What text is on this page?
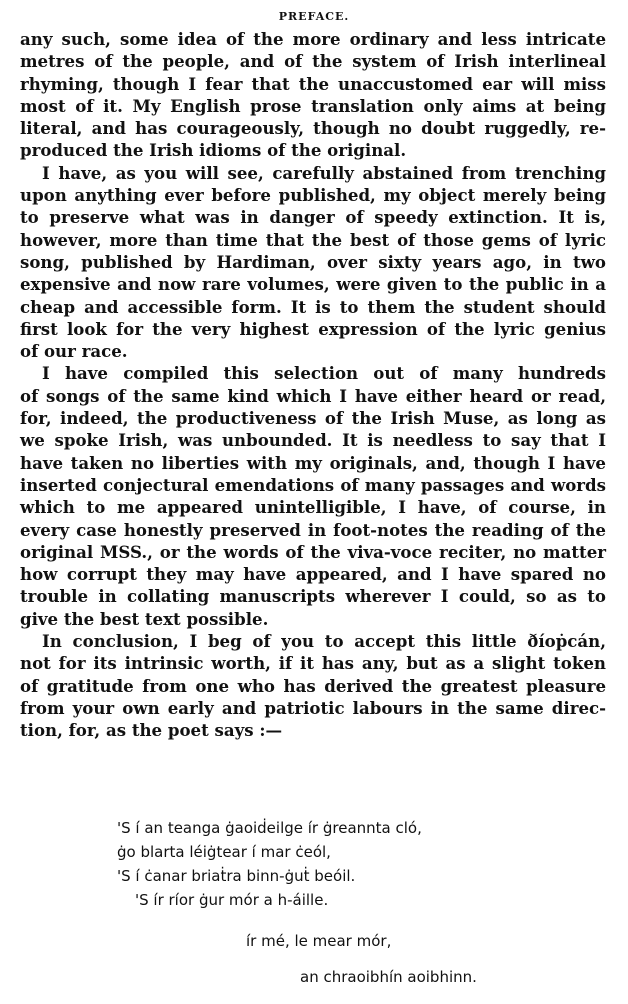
PREFACE.
any such, some idea of the more ordinary and less intricate
metres of the people, and of the system of Irish interlineal
rhyming, though I fear that the unaccustomed ear will miss
most of it. My English prose translation only aims at being
literal, and has courageously, though no doubt ruggedly, re-
produced the Irish idioms of the original.
I have, as you will see, carefully abstained from trenching
upon anything ever before published, my object merely being
to preserve what was in danger of speedy extinction. It is,
however, more than time that the best of those gems of lyric
song, published by Hardiman, over sixty years ago, in two
expensive and now rare volumes, were given to the public in a
cheap and accessible form. It is to them the student should
first look for the very highest expression of the lyric genius
of our race.
I have compiled this selection out of many hundreds
of songs of the same kind which I have either heard or read,
for, indeed, the productiveness of the Irish Muse, as long as
we spoke Irish, was unbounded. It is needless to say that I
have taken no liberties with my originals, and, though I have
inserted conjectural emendations of many passages and words
which to me appeared unintelligible, I have, of course, in
every case honestly preserved in foot-notes the reading of the
original MSS., or the words of the viva-voce reciter, no matter
how corrupt they may have appeared, and I have spared no
trouble in collating manuscripts wherever I could, so as to
give the best text possible.
In conclusion, I beg of you to accept this little ðíoṗcán,
not for its intrinsic worth, if it has any, but as a slight token
of gratitude from one who has derived the greatest pleasure
from your own early and patriotic labours in the same direc-
tion, for, as the poet says :—
'S í an teanga ġaoiḋeilge ír ġreannta cló,
ġo blarta léiġtear í mar ċeól,
'S í ċanar briaṫra binn-ġuṫ beóil.
'S ír ríor ġur mór a h-áille.
ír mé, le mear mór,
an chraoibhín aoibhinn.
